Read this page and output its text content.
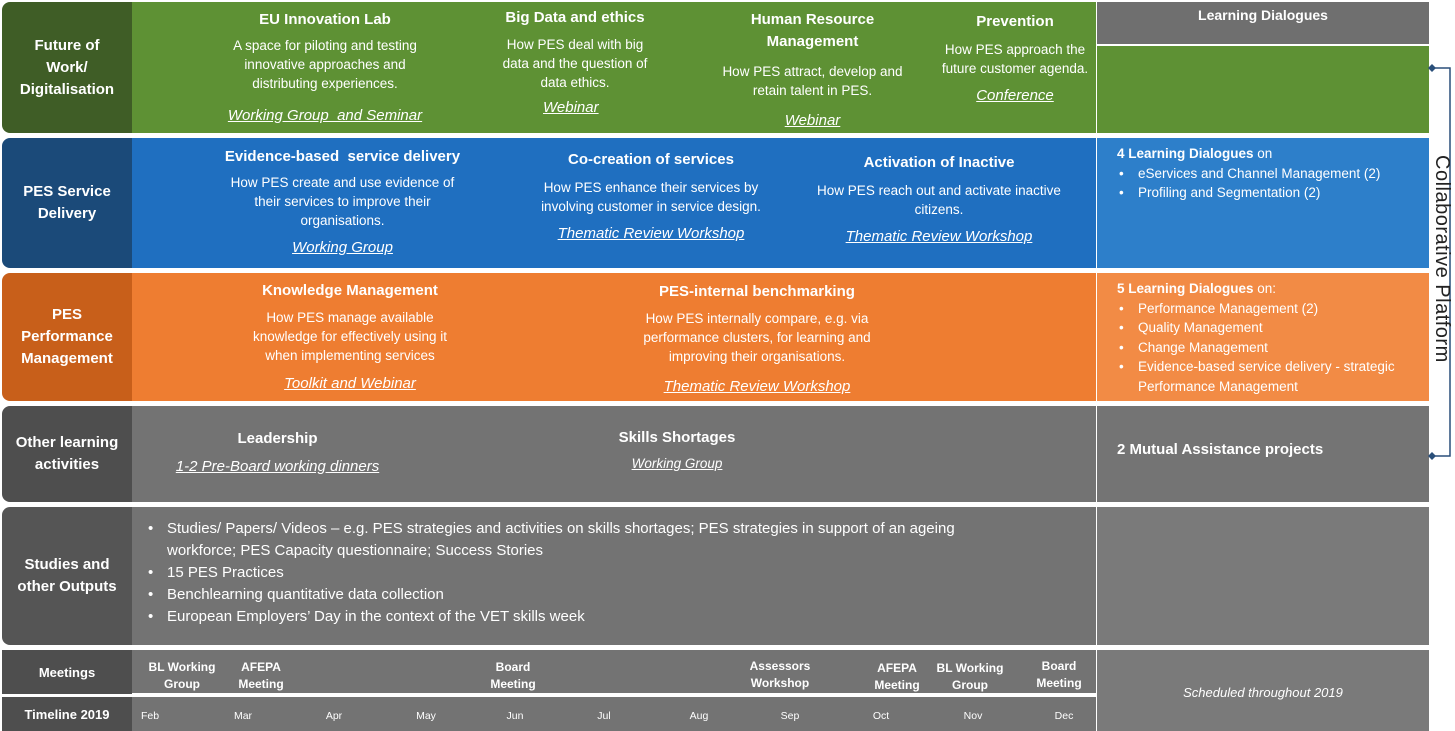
Future of Work/ Digitalisation
Learning Dialogues
EU Innovation Lab
A space for piloting and testing innovative approaches and distributing experiences.
Working Group  and Seminar
Big Data and ethics
How PES deal with big data and the question of data ethics.
Webinar
Human Resource Management
How PES attract, develop and retain talent in PES.
Webinar
Prevention
How PES approach the future customer agenda.
Conference
PES Service Delivery
4 Learning Dialogues on
• eServices and Channel Management (2)
• Profiling and Segmentation (2)
Evidence-based  service delivery
How PES create and use evidence of their services to improve their organisations.
Working Group
Co-creation of services
How PES enhance their services by involving customer in service design.
Thematic Review Workshop
Activation of Inactive
How PES reach out and activate inactive citizens.
Thematic Review Workshop
PES Performance Management
5 Learning Dialogues on:
• Performance Management (2)
• Quality Management
• Change Management
• Evidence-based service delivery - strategic Performance Management
Knowledge Management
How PES manage available knowledge for effectively using it when implementing services
Toolkit and Webinar
PES-internal benchmarking
How PES internally compare, e.g. via performance clusters, for learning and improving their organisations.
Thematic Review Workshop
Other learning activities
2 Mutual Assistance projects
Leadership
1-2 Pre-Board working dinners
Skills Shortages
Working Group
Studies and other Outputs
• Studies/ Papers/ Videos – e.g. PES strategies and activities on skills shortages; PES strategies in support of an ageing workforce; PES Capacity questionnaire; Success Stories
• 15 PES Practices
• Benchlearning quantitative data collection
• European Employers’ Day in the context of the VET skills week
Meetings
Timeline 2019
Scheduled throughout 2019
BL Working Group
AFEPA Meeting
Board Meeting
Assessors Workshop
AFEPA Meeting
BL Working Group
Board Meeting
Feb	Mar	Apr	May	Jun	Jul	Aug	Sep	Oct	Nov	Dec
Collaborative Platform
